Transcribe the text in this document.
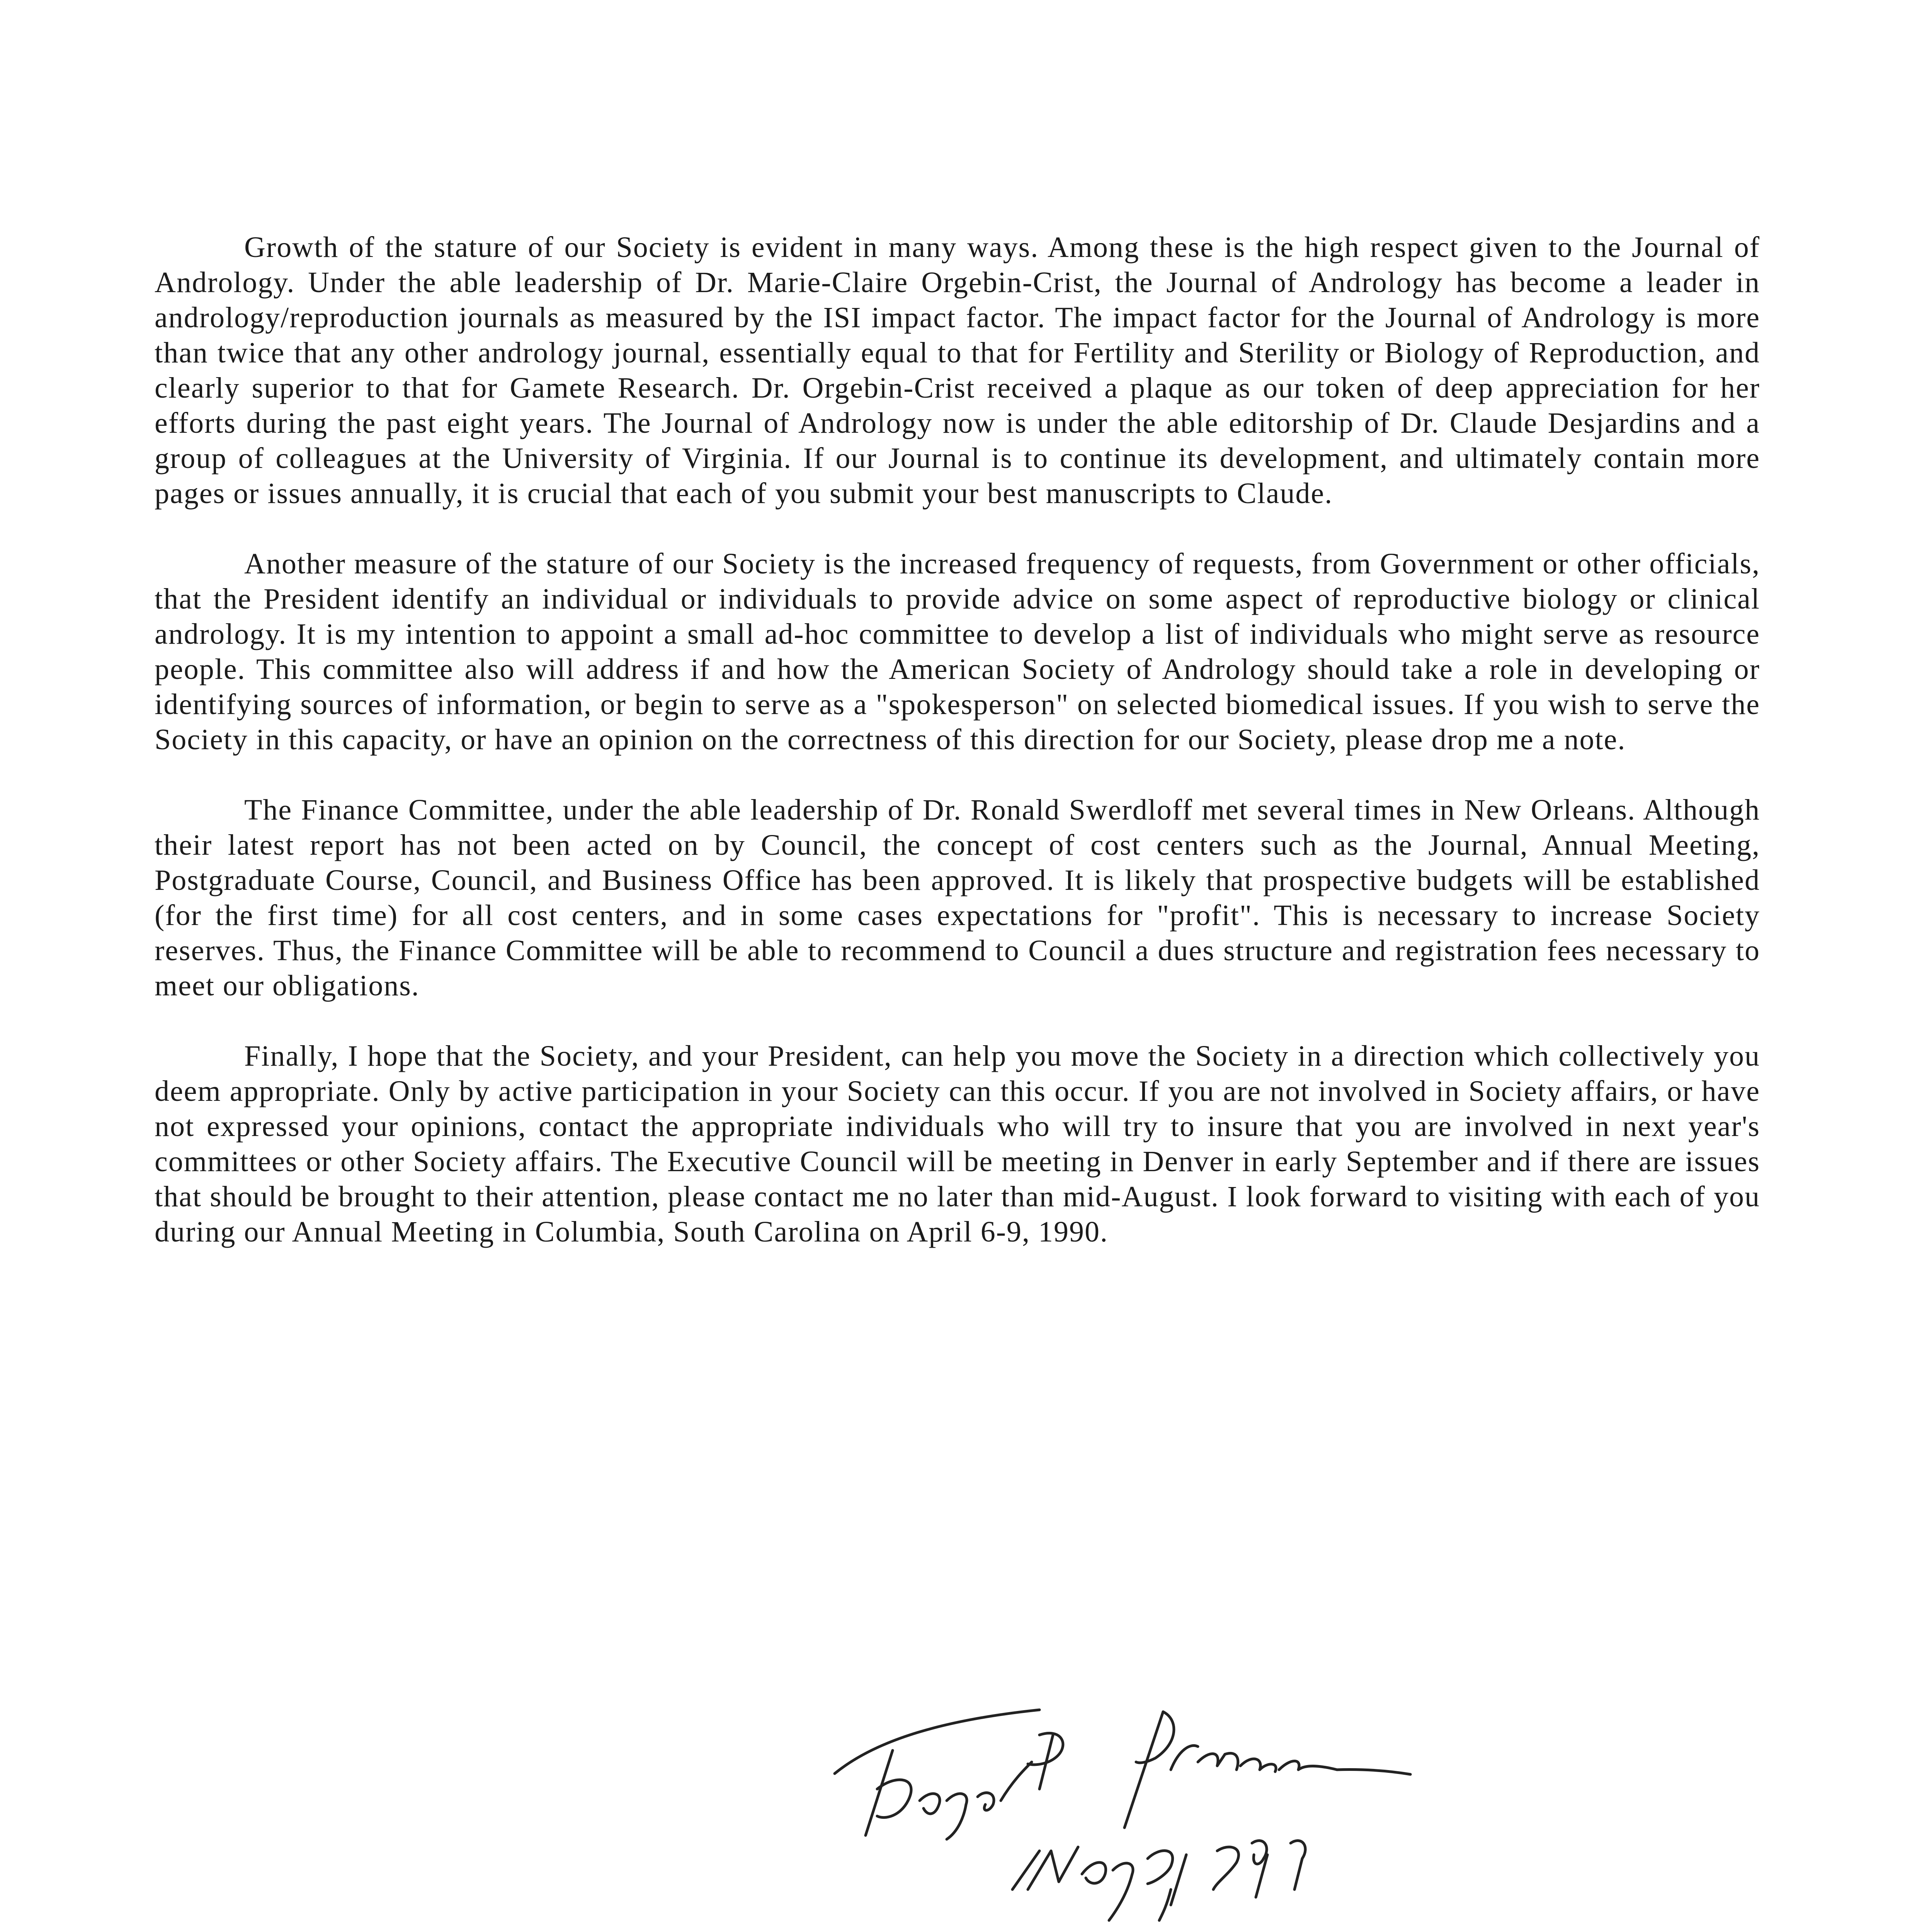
Growth of the stature of our Society is evident in many ways. Among these is the high respect given to the Journal of Andrology. Under the able leadership of Dr. Marie-Claire Orgebin-Crist, the Journal of Andrology has become a leader in andrology/reproduction journals as measured by the ISI impact factor. The impact factor for the Journal of Andrology is more than twice that any other andrology journal, essentially equal to that for Fertility and Sterility or Biology of Reproduction, and clearly superior to that for Gamete Research. Dr. Orgebin-Crist received a plaque as our token of deep appreciation for her efforts during the past eight years. The Journal of Andrology now is under the able editorship of Dr. Claude Desjardins and a group of colleagues at the University of Virginia. If our Journal is to continue its development, and ultimately contain more pages or issues annually, it is crucial that each of you submit your best manuscripts to Claude.

Another measure of the stature of our Society is the increased frequency of requests, from Government or other officials, that the President identify an individual or individuals to provide advice on some aspect of reproductive biology or clinical andrology. It is my intention to appoint a small ad-hoc committee to develop a list of individuals who might serve as resource people. This committee also will address if and how the American Society of Andrology should take a role in developing or identifying sources of information, or begin to serve as a "spokesperson" on selected biomedical issues. If you wish to serve the Society in this capacity, or have an opinion on the correctness of this direction for our Society, please drop me a note.

The Finance Committee, under the able leadership of Dr. Ronald Swerdloff met several times in New Orleans. Although their latest report has not been acted on by Council, the concept of cost centers such as the Journal, Annual Meeting, Postgraduate Course, Council, and Business Office has been approved. It is likely that prospective budgets will be established (for the first time) for all cost centers, and in some cases expectations for "profit". This is necessary to increase Society reserves. Thus, the Finance Committee will be able to recommend to Council a dues structure and registration fees necessary to meet our obligations.

Finally, I hope that the Society, and your President, can help you move the Society in a direction which collectively you deem appropriate. Only by active participation in your Society can this occur. If you are not involved in Society affairs, or have not expressed your opinions, contact the appropriate individuals who will try to insure that you are involved in next year's committees or other Society affairs. The Executive Council will be meeting in Denver in early September and if there are issues that should be brought to their attention, please contact me no later than mid-August. I look forward to visiting with each of you during our Annual Meeting in Columbia, South Carolina on April 6-9, 1990.
